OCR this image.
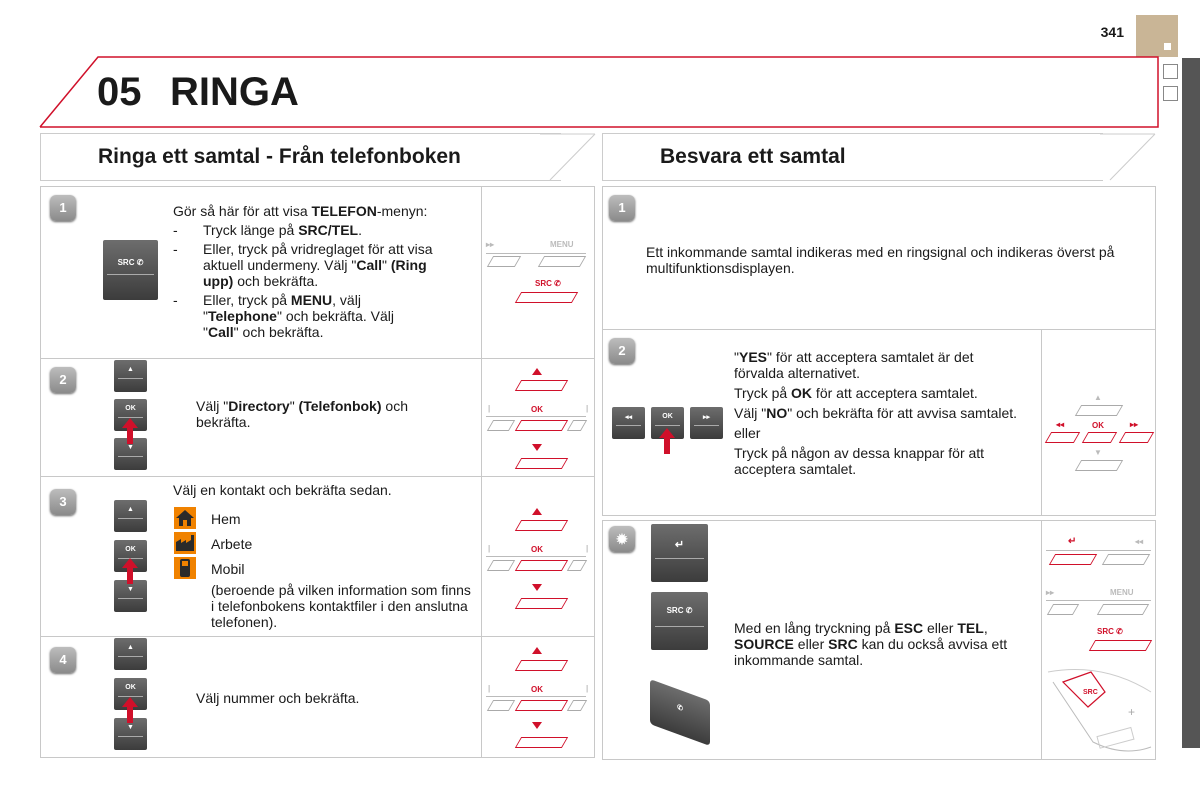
341
05 RINGA
Ringa ett samtal - Från telefonboken	Besvara ett samtal
1
SRC ✆
Gör så här för att visa TELEFON-menyn:
-	Tryck länge på SRC/TEL.
-	Eller, tryck på vridreglaget för att visa aktuell undermeny. Välj "Call" (Ring upp) och bekräfta.
-	Eller, tryck på MENU, välj "Telephone" och bekräfta. Välj "Call" och bekräfta.
▸▸	MENU
SRC ✆
2
▲
OK
▼
Välj "Directory" (Telefonbok) och bekräfta.
|	|
OK
3
Välj en kontakt och bekräfta sedan.
▲
OK
▼
Hem
Arbete
Mobil
(beroende på vilken information som finns i telefonbokens kontaktfiler i den anslutna telefonen).
|	|
OK
4
▲
OK
▼
Välj nummer och bekräfta.
|	|
OK
1
Ett inkommande samtal indikeras med en ringsignal och indikeras överst på multifunktionsdisplayen.
2
◂◂	OK	▸▸
"YES" för att acceptera samtalet är det förvalda alternativet.
Tryck på OK för att acceptera samtalet.
Välj "NO" och bekräfta för att avvisa samtalet.
eller
Tryck på någon av dessa knappar för att acceptera samtalet.
▲
◂◂	OK	▸▸
▼
✹	↵
SRC ✆
✆
Med en lång tryckning på ESC eller TEL, SOURCE eller SRC kan du också avvisa ett inkommande samtal.
↵	◂◂
▸▸	MENU
SRC ✆
SRC
+
